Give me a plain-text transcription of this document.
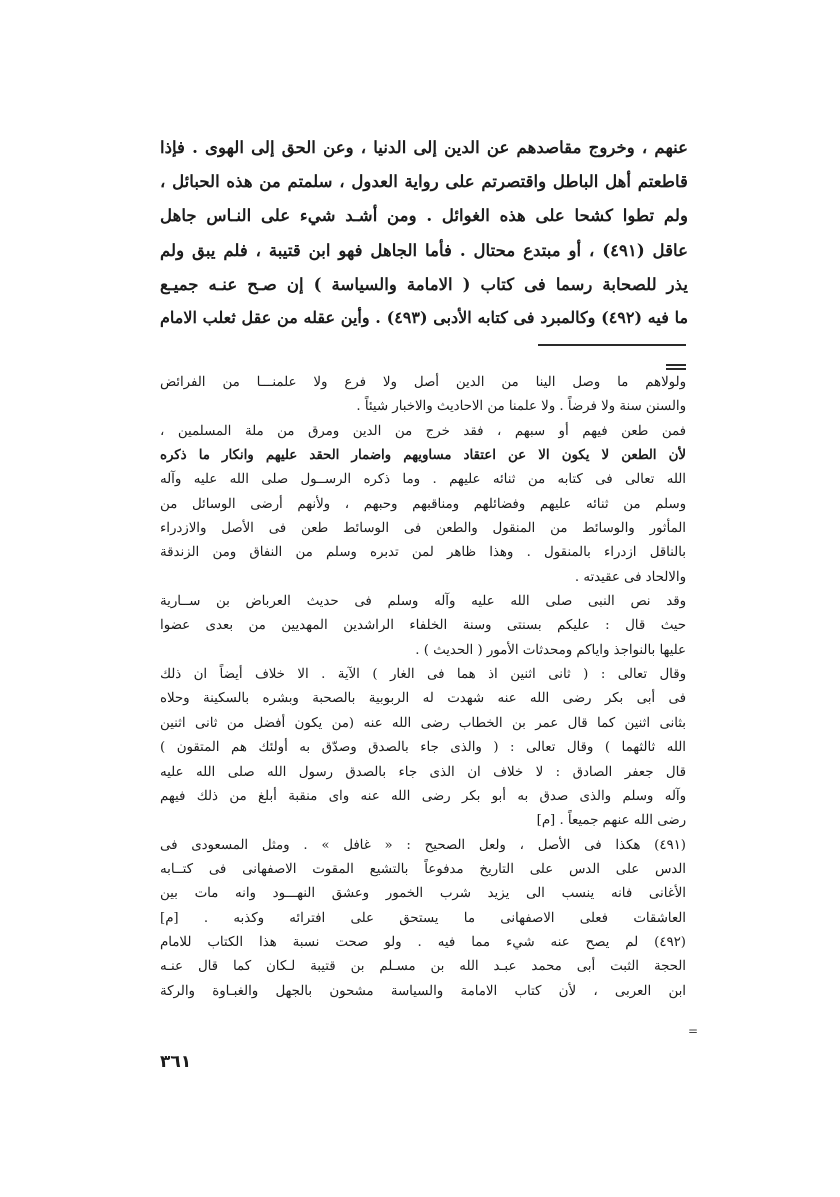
عنهم ، وخروج مقاصدهم عن الدين إلى الدنيا ، وعن الحق إلى الهوى . فإذا
قاطعتم أهل الباطل واقتصرتم على رواية العدول ، سلمتم من هذه الحبائل ،
ولم تطوا كشحا على هذه الغوائل . ومن أشـد شيء على النـاس جاهل
عاقل (٤٩١) ، أو مبتدع محتال . فأما الجاهل فهو ابن قتيبة ، فلم يبق ولم
يذر للصحابة رسما فى كتاب ( الامامة والسياسة ) إن صـح عنـه جميـع
ما فيه (٤٩٢) وكالمبرد فى كتابه الأدبى (٤٩٣) . وأين عقله من عقل ثعلب الامام
ولولاهم ما وصل الينا من الدين أصل ولا فرع ولا علمنـــا من الفرائض
والسنن سنة ولا فرضاً . ولا علمنا من الاحاديث والاخبار شيئاً .
فمن طعن فيهم أو سبهم ، فقد خرج من الدين ومرق من ملة المسلمين ،
لأن الطعن لا يكون الا عن اعتقاد مساويهم واضمار الحقد عليهم وانكار ما ذكره
الله تعالى فى كتابه من ثنائه عليهم . وما ذكره الرســول صلى الله عليه وآله
وسلم من ثنائه عليهم وفضائلهم ومناقبهم وحبهم ، ولأنهم أرضى الوسائل من
المأثور والوسائط من المنقول والطعن فى الوسائط طعن فى الأصل والازدراء
بالناقل ازدراء بالمنقول . وهذا ظاهر لمن تدبره وسلم من النفاق ومن الزندقة
والالحاد فى عقيدته .
وقد نص النبى صلى الله عليه وآله وسلم فى حديث العرباض بن ســارية
حيث قال : عليكم بسنتى وسنة الخلفاء الراشدين المهديين من بعدى عضوا
عليها بالنواجذ واياكم ومحدثات الأمور ( الحديث ) .
وقال تعالى : ( ثانى اثنين اذ هما فى الغار ) الآية . الا خلاف أيضاً ان ذلك
فى أبى بكر رضى الله عنه شهدت له الربوبية بالصحبة وبشره بالسكينة وحلاه
بثانى اثنين كما قال عمر بن الخطاب رضى الله عنه (من يكون أفضل من ثانى اثنين
الله ثالثهما ) وقال تعالى : ( والذى جاء بالصدق وصدّق به أولئك هم المتقون )
قال جعفر الصادق : لا خلاف ان الذى جاء بالصدق رسول الله صلى الله عليه
وآله وسلم والذى صدق به أبو بكر رضى الله عنه واى منقبة أبلغ من ذلك فيهم
رضى الله عنهم جميعاً . [م]
(٤٩١) هكذا فى الأصل ، ولعل الصحيح : « غافل » . ومثل المسعودى فى
الدس على الدس على التاريخ مدفوعاً بالتشيع المقوت الاصفهانى فى كتــابه
الأغانى فانه ينسب الى يزيد شرب الخمور وعشق النهـــود وانه مات بين
العاشقات فعلى الاصفهانى ما يستحق على افترائه وكذبه . [م]
(٤٩٢) لم يصح عنه شيء مما فيه . ولو صحت نسبة هذا الكتاب للامام
الحجة الثبت أبى محمد عبـد الله بن مسـلم بن قتيبة لـكان كما قال عنـه
ابن العربى ، لأن كتاب الامامة والسياسة مشحون بالجهل والغبـاوة والركة
=
٣٦١
